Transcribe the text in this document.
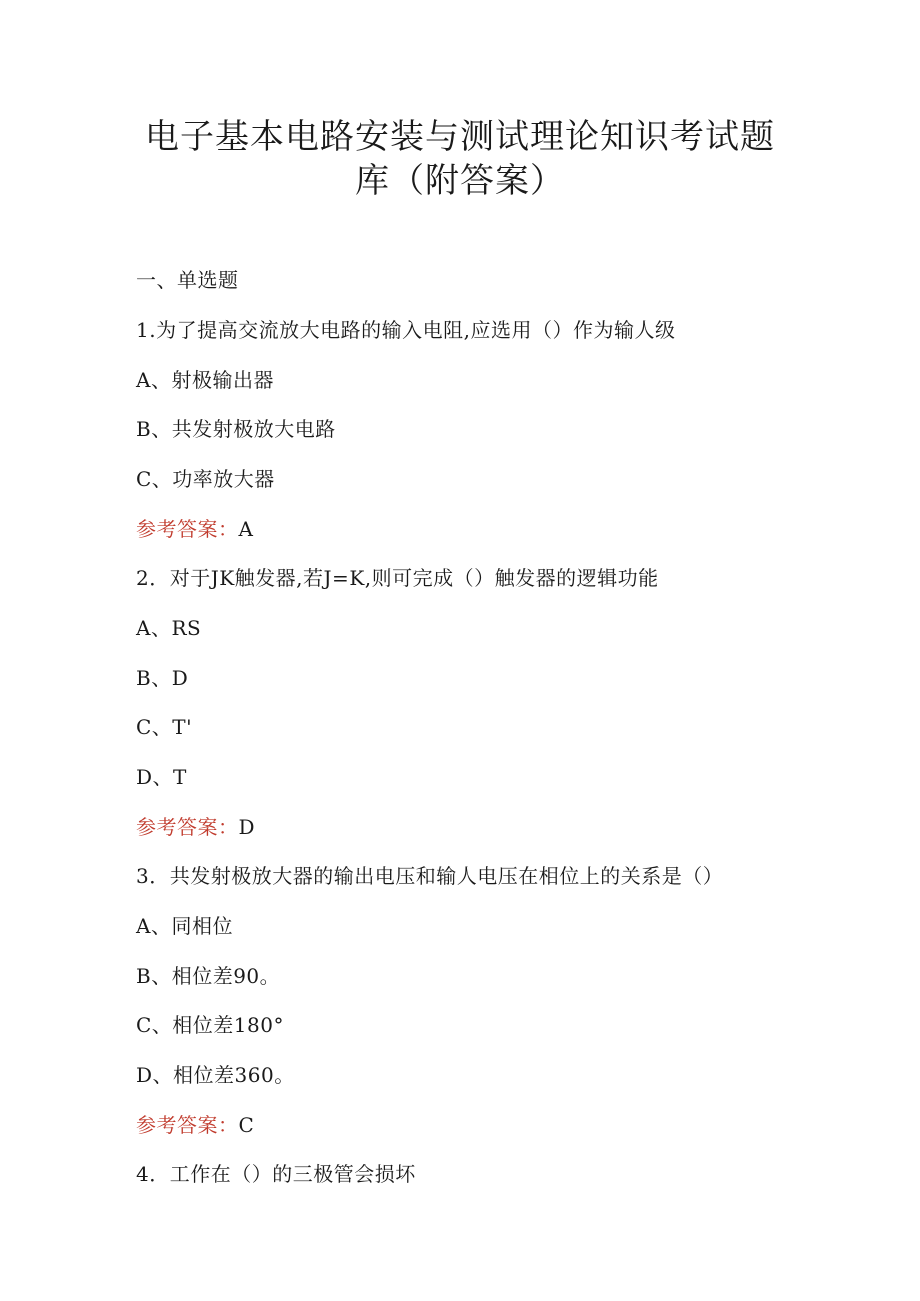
电子基本电路安装与测试理论知识考试题
库（附答案）
一、单选题
1.为了提高交流放大电路的输入电阻,应选用（）作为输人级
A、射极输出器
B、共发射极放大电路
C、功率放大器
参考答案：A
2．对于JK触发器,若J=K,则可完成（）触发器的逻辑功能
A、RS
B、D
C、T'
D、T
参考答案：D
3．共发射极放大器的输出电压和输人电压在相位上的关系是（）
A、同相位
B、相位差90。
C、相位差180°
D、相位差360。
参考答案：C
4．工作在（）的三极管会损坏
